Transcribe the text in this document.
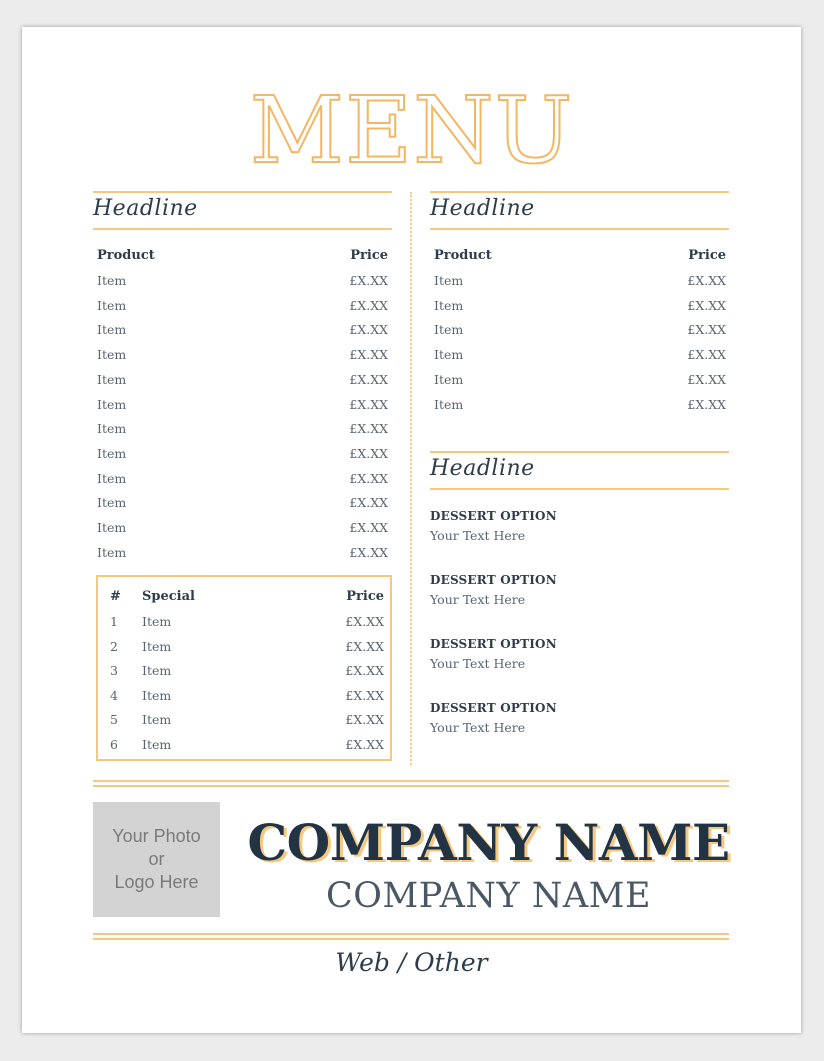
MENU
Headline
Product	Price
Item	£X.XX
Item	£X.XX
Item	£X.XX
Item	£X.XX
Item	£X.XX
Item	£X.XX
Item	£X.XX
Item	£X.XX
Item	£X.XX
Item	£X.XX
Item	£X.XX
Item	£X.XX
# Special	Price
1 Item	£X.XX
2 Item	£X.XX
3 Item	£X.XX
4 Item	£X.XX
5 Item	£X.XX
6 Item	£X.XX
Headline
Product	Price
Item	£X.XX
Item	£X.XX
Item	£X.XX
Item	£X.XX
Item	£X.XX
Item	£X.XX
Headline
DESSERT OPTION
Your Text Here
DESSERT OPTION
Your Text Here
DESSERT OPTION
Your Text Here
DESSERT OPTION
Your Text Here
Your Photo
or
Logo Here
COMPANY NAME
COMPANY NAME
Web / Other
